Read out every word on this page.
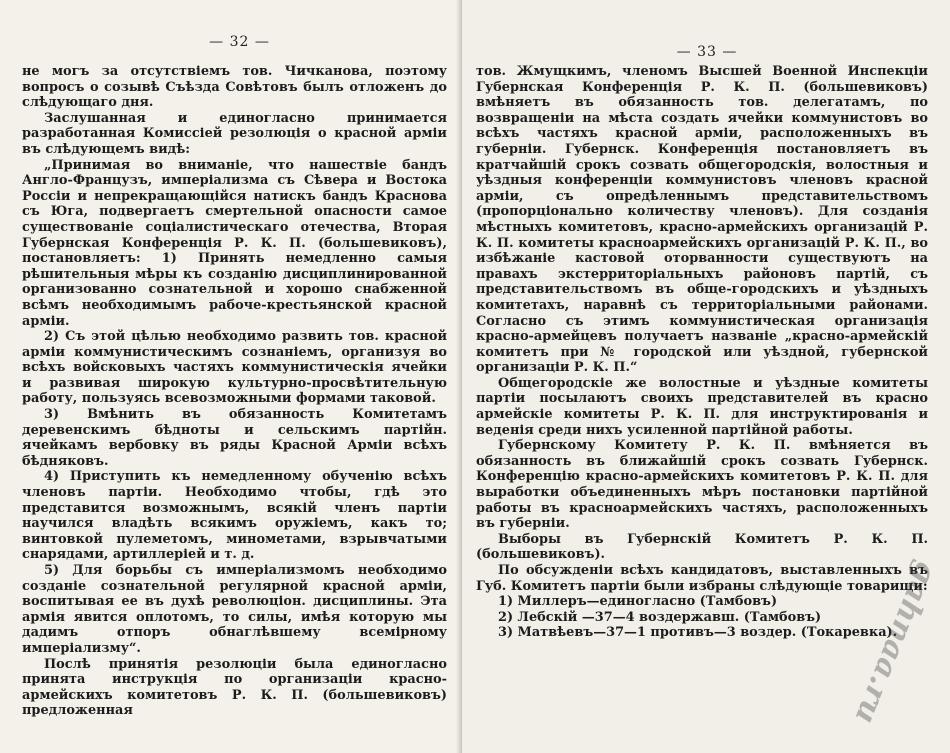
— 32 —

не могъ за отсутствіемъ тов. Чичканова, поэтому вопросъ о созывѣ Съѣзда Совѣтовъ былъ отложенъ до слѣдующаго дня.

Заслушанная и единогласно принимается разработанная Комиссіей резолюція о красной арміи въ слѣдующемъ видѣ:

„Принимая во вниманіе, что нашествіе бандъ Англо-Французъ, имперіализма съ Сѣвера и Востока Россіи и непрекращающійся натискъ бандъ Краснова съ Юга, подвергаетъ смертельной опасности самое существованіе соціалистическаго отечества, Вторая Губернская Конференція Р. К. П. (большевиковъ), постановляетъ: 1) Принять немедленно самыя рѣшительныя мѣры къ созданію дисциплинированной организованно сознательной и хорошо снабженной всѣмъ необходимымъ рабоче-крестьянской красной арміи.

2) Съ этой цѣлью необходимо развить тов. красной арміи коммунистическимъ сознаніемъ, организуя во всѣхъ войсковыхъ частяхъ коммунистическія ячейки и развивая широкую культурно-просвѣтительную работу, пользуясь всевозможными формами таковой.

3) Вмѣнить въ обязанность Комитетамъ деревенскимъ бѣдноты и сельскимъ партійн. ячейкамъ вербовку въ ряды Красной Арміи всѣхъ бѣдняковъ.

4) Приступить къ немедленному обученію всѣхъ членовъ партіи. Необходимо чтобы, гдѣ это представится возможнымъ, всякій членъ партіи научился владѣть всякимъ оружіемъ, какъ то; винтовкой пулеметомъ, минометами, взрывчатыми снарядами, артиллеріей и т. д.

5) Для борьбы съ имперіализмомъ необходимо созданіе сознательной регулярной красной арміи, воспитывая ее въ духѣ революціон. дисциплины. Эта армія явится оплотомъ, то силы, имѣя которую мы дадимъ отпоръ обнаглѣвшему всемірному имперіализму“.

Послѣ принятія резолюціи была единогласно принята инструкція по организаціи красно-армейскихъ комитетовъ Р. К. П. (большевиковъ) предложенная

— 33 —

тов. Жмущкимъ, членомъ Высшей Военной Инспекціи Губернская Конференція Р. К. П. (большевиковъ) вмѣняетъ въ обязанность тов. делегатамъ, по возвращеніи на мѣста создать ячейки коммунистовъ во всѣхъ частяхъ красной арміи, расположенныхъ въ губерніи. Губернск. Конференція постановляетъ въ кратчайшій срокъ созвать общегородскія, волостныя и уѣздныя конференціи коммунистовъ членовъ красной арміи, съ опредѣленнымъ представительствомъ (пропорціонально количеству членовъ). Для созданія мѣстныхъ комитетовъ, красно-армейскихъ организацій Р. К. П. комитеты красноармейскихъ организацій Р. К. П., во избѣжаніе кастовой оторванности существуютъ на правахъ экстерриторіальныхъ районовъ партій, съ представительствомъ въ обще-городскихъ и уѣздныхъ комитетахъ, наравнѣ съ территоріальными районами. Согласно съ этимъ коммунистическая организація красно-армейцевъ получаетъ названіе „красно-армейскій комитетъ при № городской или уѣздной, губернской организаціи Р. К. П.“

Общегородскіе же волостные и уѣздные комитеты партіи посылаютъ своихъ представителей въ красно армейскіе комитеты Р. К. П. для инструктированія и веденія среди нихъ усиленной партійной работы.

Губернскому Комитету Р. К. П. вмѣняется въ обязанность въ ближайшій срокъ созвать Губернск. Конференцію красно-армейскихъ комитетовъ Р. К. П. для выработки объединенныхъ мѣръ постановки партійной работы въ красноармейскихъ частяхъ, расположенныхъ въ губерніи.

Выборы въ Губернскій Комитетъ Р. К. П. (большевиковъ).

По обсужденіи всѣхъ кандидатовъ, выставленныхъ въ Губ. Комитетъ партіи были избраны слѣдующіе товарищи:

1) Миллеръ—единогласно (Тамбовъ)

2) Лебскій —37—4 воздержавш. (Тамбовъ)

3) Матвѣевъ—37—1 противъ—3 воздер. (Токаревка).

gahnaa.ru
